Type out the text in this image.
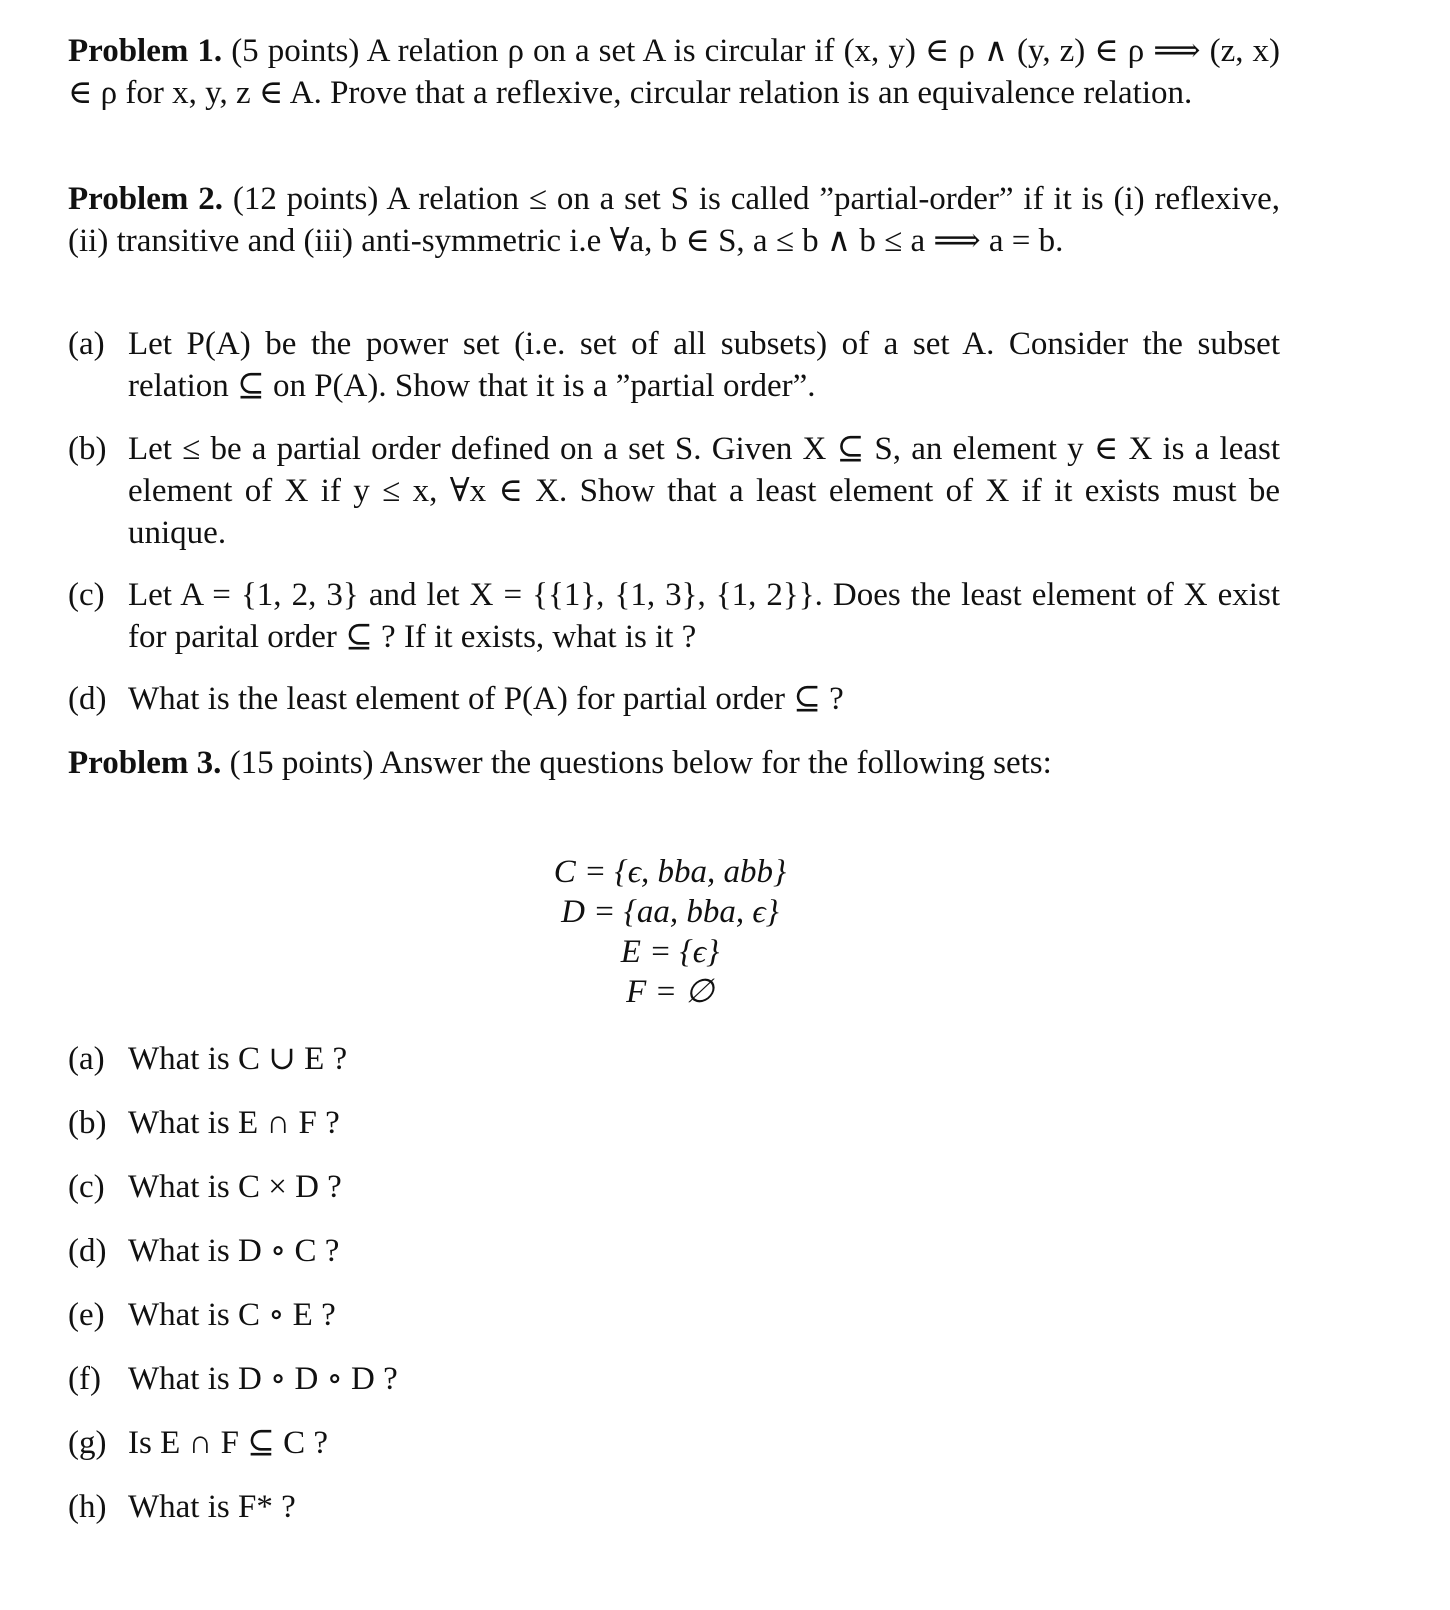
Problem 1. (5 points) A relation ρ on a set A is circular if (x, y) ∈ ρ ∧ (y, z) ∈ ρ ⟹ (z, x) ∈ ρ for x, y, z ∈ A. Prove that a reflexive, circular relation is an equivalence relation.
Problem 2. (12 points) A relation ≤ on a set S is called ”partial-order” if it is (i) reflexive, (ii) transitive and (iii) anti-symmetric i.e ∀a, b ∈ S, a ≤ b ∧ b ≤ a ⟹ a = b.
(a) Let P(A) be the power set (i.e. set of all subsets) of a set A. Consider the subset relation ⊆ on P(A). Show that it is a ”partial order”.
(b) Let ≤ be a partial order defined on a set S. Given X ⊆ S, an element y ∈ X is a least element of X if y ≤ x, ∀x ∈ X. Show that a least element of X if it exists must be unique.
(c) Let A = {1, 2, 3} and let X = {{1}, {1, 3}, {1, 2}}. Does the least element of X exist for parital order ⊆ ? If it exists, what is it ?
(d) What is the least element of P(A) for partial order ⊆ ?
Problem 3. (15 points) Answer the questions below for the following sets:
C = {ϵ, bba, abb}
D = {aa, bba, ϵ}
E = {ϵ}
F = ∅
(a) What is C ∪ E ?
(b) What is E ∩ F ?
(c) What is C × D ?
(d) What is D ∘ C ?
(e) What is C ∘ E ?
(f) What is D ∘ D ∘ D ?
(g) Is E ∩ F ⊆ C ?
(h) What is F* ?
